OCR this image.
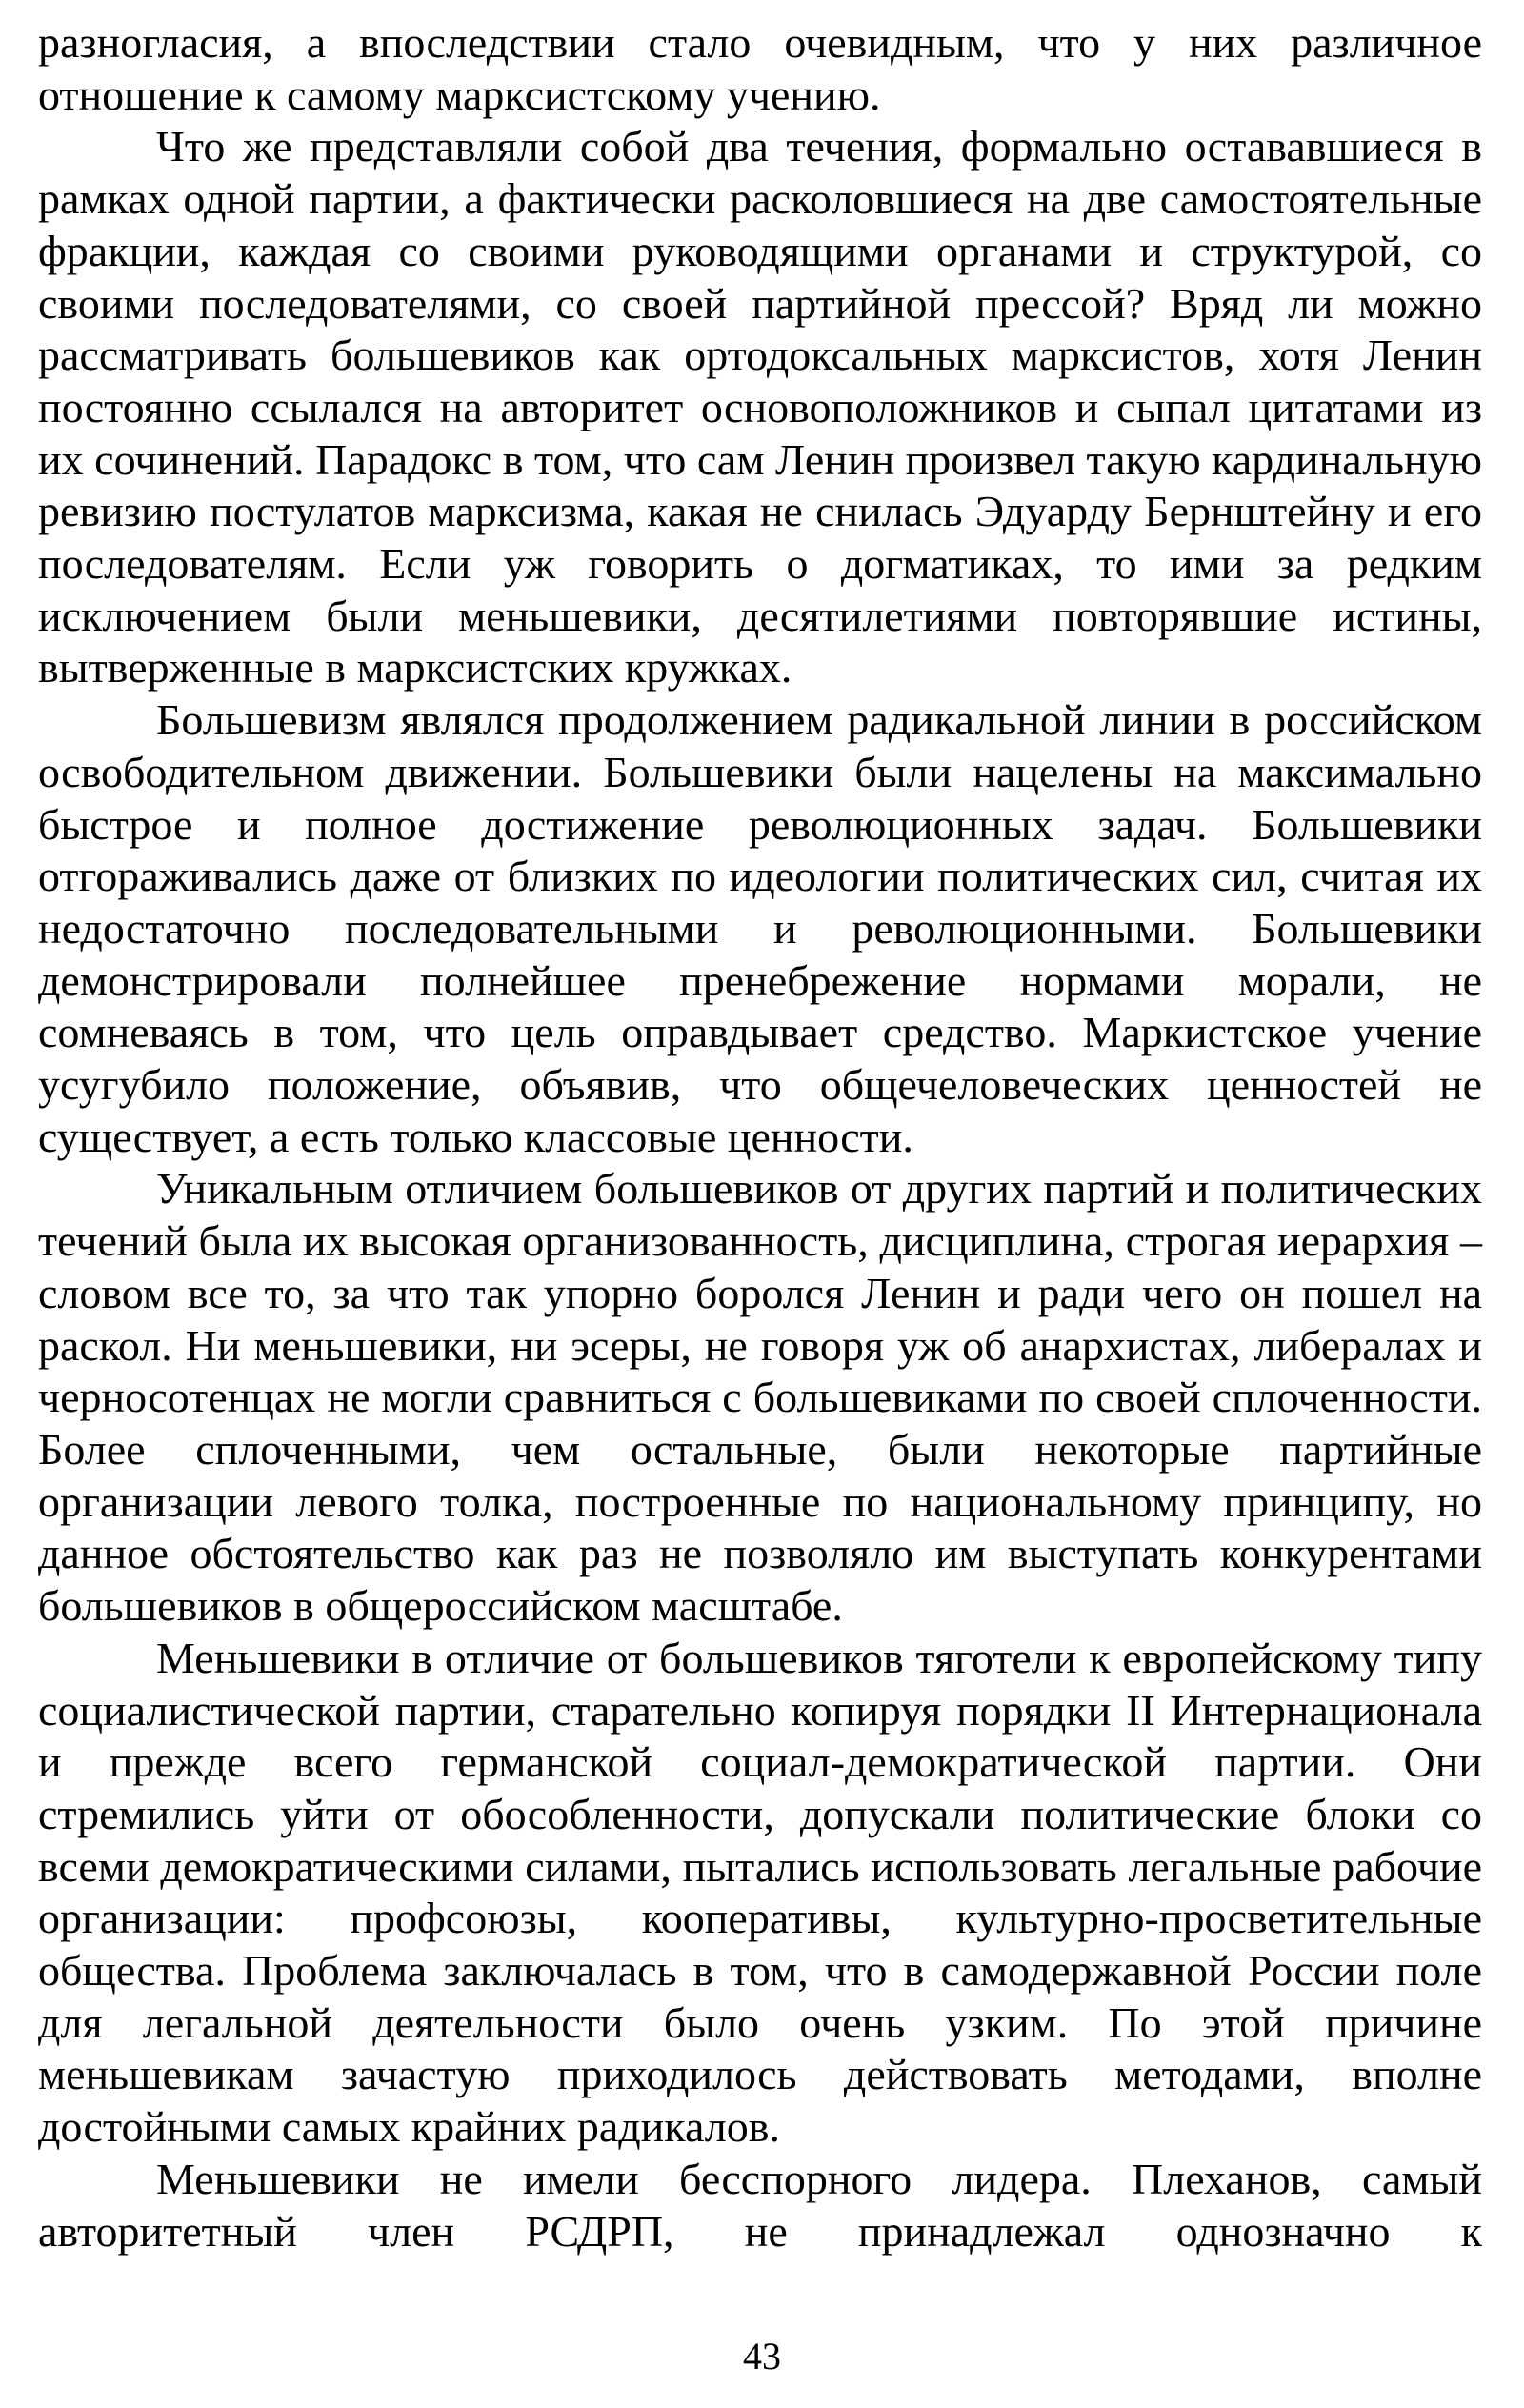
разногласия, а впоследствии стало очевидным, что у них различное отношение к самому марксистскому учению.

Что же представляли собой два течения, формально остававшиеся в рамках одной партии, а фактически расколовшиеся на две самостоятельные фракции, каждая со своими руководящими органами и структурой, со своими последователями, со своей партийной прессой? Вряд ли можно рассматривать большевиков как ортодоксальных марксистов, хотя Ленин постоянно ссылался на авторитет основоположников и сыпал цитатами из их сочинений. Парадокс в том, что сам Ленин произвел такую кардинальную ревизию постулатов марксизма, какая не снилась Эдуарду Бернштейну и его последователям. Если уж говорить о догматиках, то ими за редким исключением были меньшевики, десятилетиями повторявшие истины, вытверженные в марксистских кружках.

Большевизм являлся продолжением радикальной линии в российском освободительном движении. Большевики были нацелены на максимально быстрое и полное достижение революционных задач. Большевики отгораживались даже от близких по идеологии политических сил, считая их недостаточно последовательными и революционными. Большевики демонстрировали полнейшее пренебрежение нормами морали, не сомневаясь в том, что цель оправдывает средство. Маркистское учение усугубило положение, объявив, что общечеловеческих ценностей не существует, а есть только классовые ценности.

Уникальным отличием большевиков от других партий и политических течений была их высокая организованность, дисциплина, строгая иерархия – словом все то, за что так упорно боролся Ленин и ради чего он пошел на раскол. Ни меньшевики, ни эсеры, не говоря уж об анархистах, либералах и черносотенцах не могли сравниться с большевиками по своей сплоченности. Более сплоченными, чем остальные, были некоторые партийные организации левого толка, построенные по национальному принципу, но данное обстоятельство как раз не позволяло им выступать конкурентами большевиков в общероссийском масштабе.

Меньшевики в отличие от большевиков тяготели к европейскому типу социалистической партии, старательно копируя порядки II Интернационала и прежде всего германской социал-демократической партии. Они стремились уйти от обособленности, допускали политические блоки со всеми демократическими силами, пытались использовать легальные рабочие организации: профсоюзы, кооперативы, культурно-просветительные общества. Проблема заключалась в том, что в самодержавной России поле для легальной деятельности было очень узким. По этой причине меньшевикам зачастую приходилось действовать методами, вполне достойными самых крайних радикалов.

Меньшевики не имели бесспорного лидера. Плеханов, самый авторитетный член РСДРП, не принадлежал однозначно к

43
